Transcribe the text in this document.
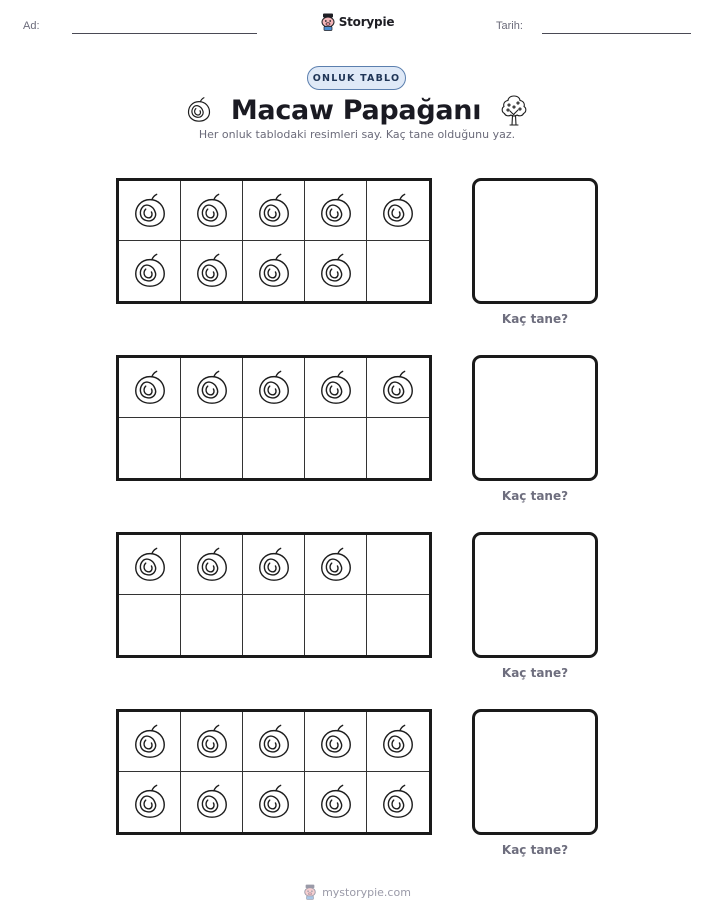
Ad:	Storypie	Tarih:
ONLUK TABLO
Macaw Papağanı
Her onluk tablodaki resimleri say. Kaç tane olduğunu yaz.
Kaç tane?
Kaç tane?
Kaç tane?
Kaç tane?
mystorypie.com
